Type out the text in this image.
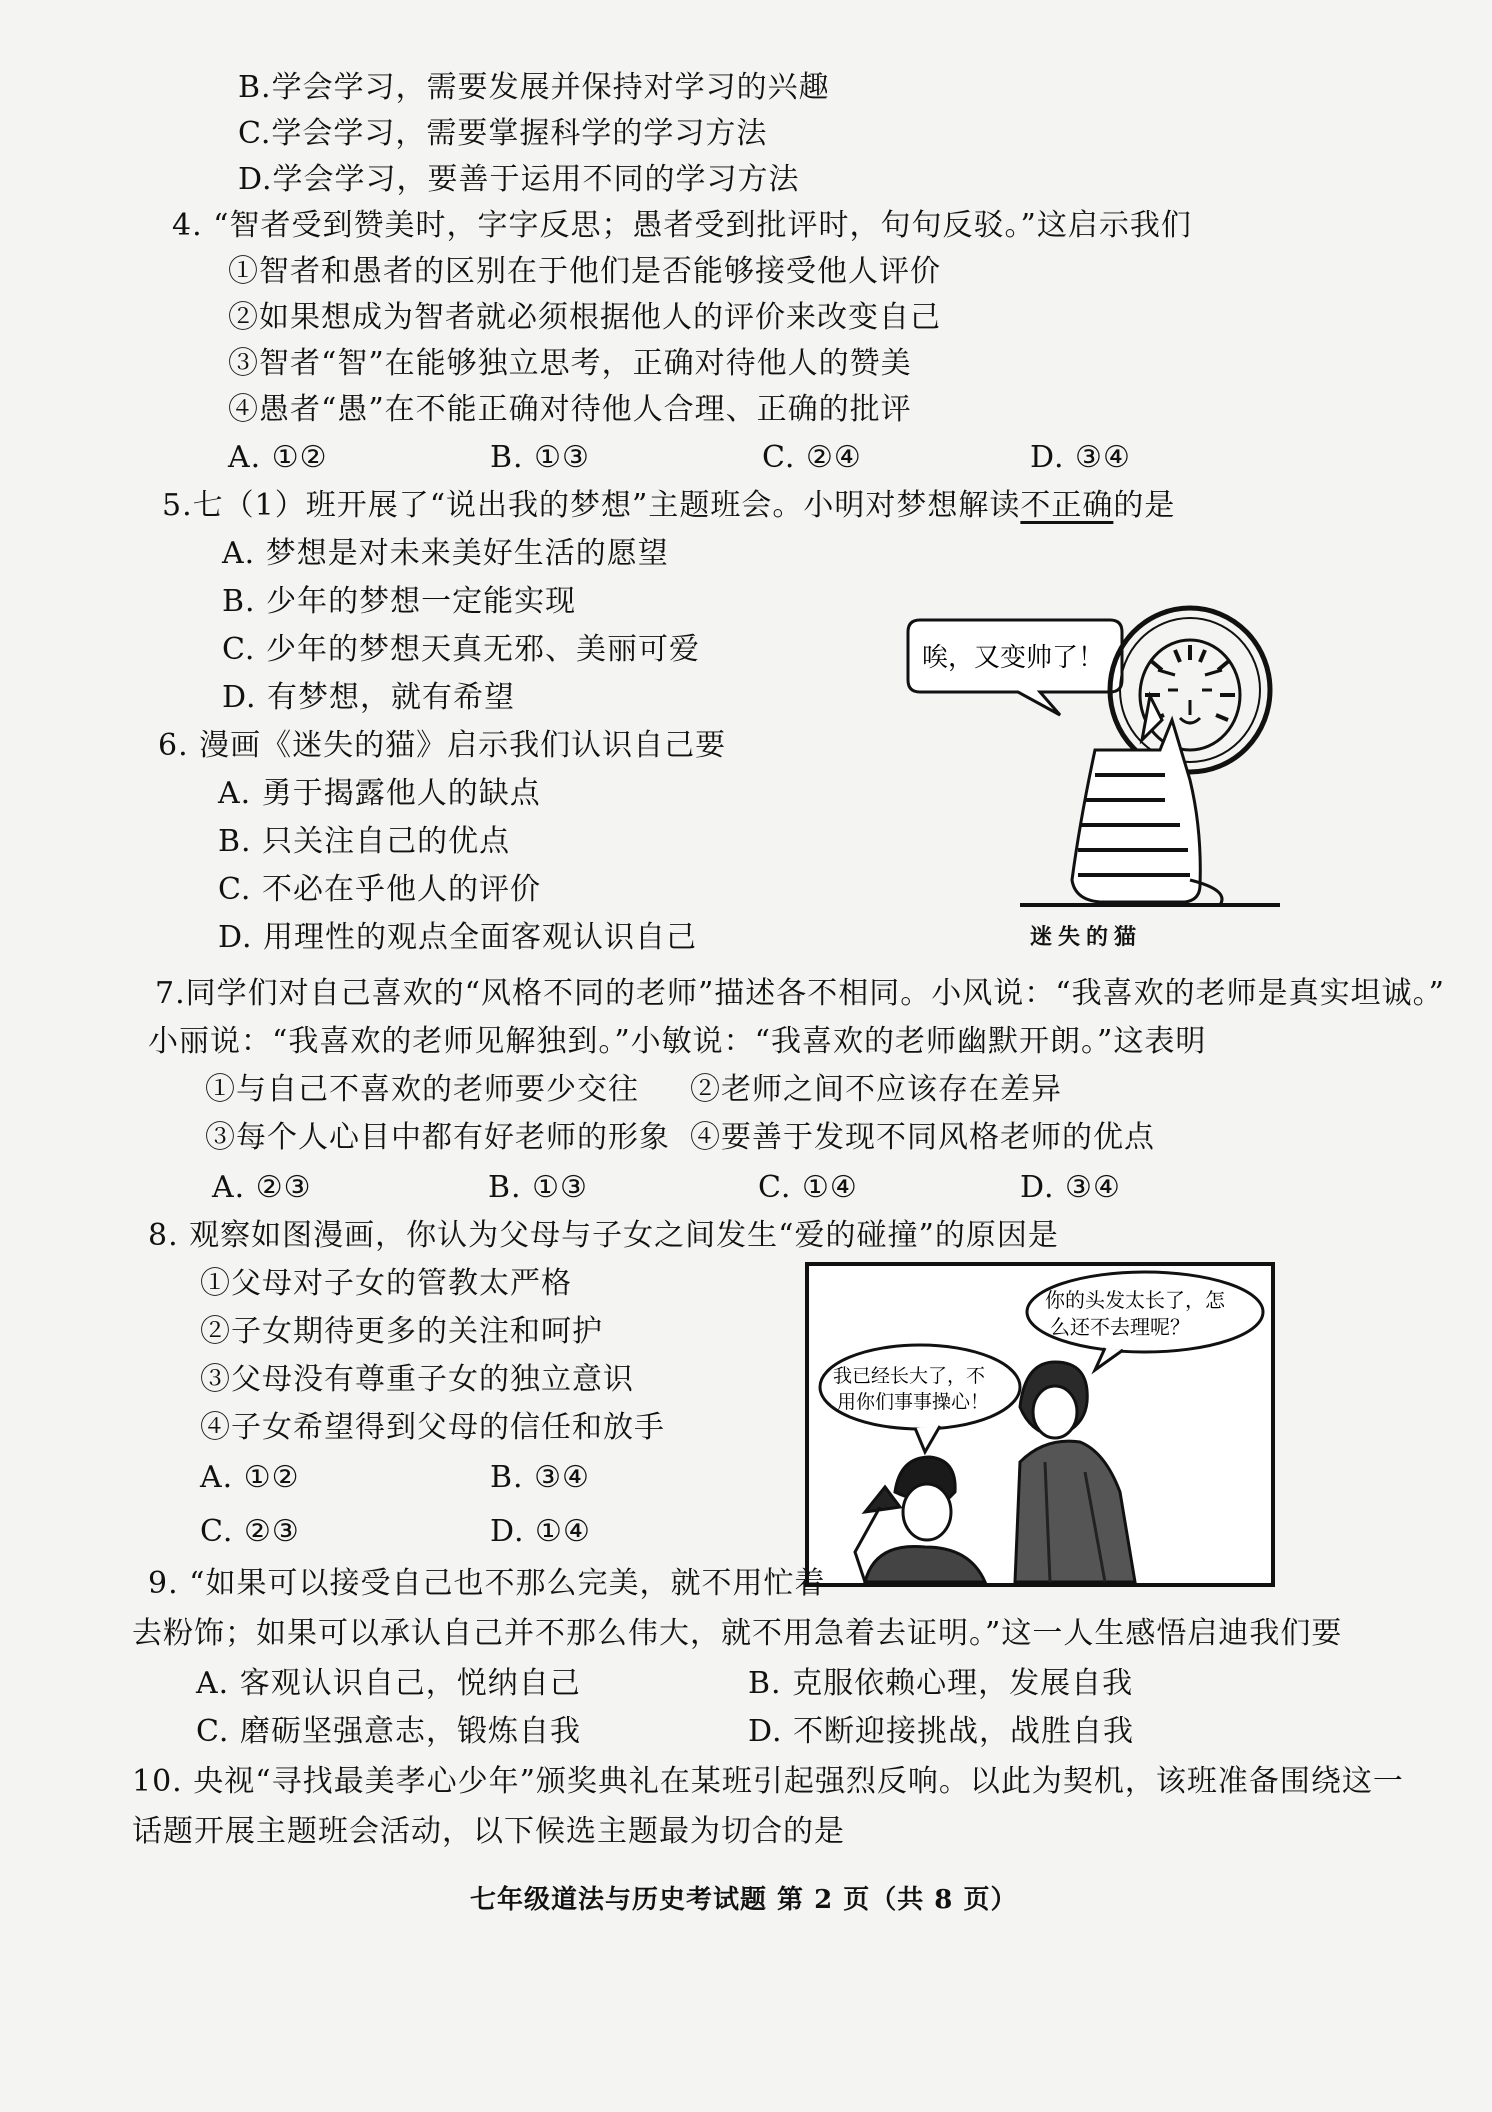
B.学会学习，需要发展并保持对学习的兴趣
C.学会学习，需要掌握科学的学习方法
D.学会学习，要善于运用不同的学习方法
4. “智者受到赞美时，字字反思；愚者受到批评时，句句反驳。”这启示我们
①智者和愚者的区别在于他们是否能够接受他人评价
②如果想成为智者就必须根据他人的评价来改变自己
③智者“智”在能够独立思考，正确对待他人的赞美
④愚者“愚”在不能正确对待他人合理、正确的批评
A. ①②	B. ①③	C. ②④	D. ③④
5.七（1）班开展了“说出我的梦想”主题班会。小明对梦想解读不正确的是
A. 梦想是对未来美好生活的愿望
B. 少年的梦想一定能实现
C. 少年的梦想天真无邪、美丽可爱
D. 有梦想，就有希望
6. 漫画《迷失的猫》启示我们认识自己要
A. 勇于揭露他人的缺点
B. 只关注自己的优点
C. 不必在乎他人的评价
D. 用理性的观点全面客观认识自己
唉，又变帅了！
迷失的猫
7.同学们对自己喜欢的“风格不同的老师”描述各不相同。小风说：“我喜欢的老师是真实坦诚。”
小丽说：“我喜欢的老师见解独到。”小敏说：“我喜欢的老师幽默开朗。”这表明
①与自己不喜欢的老师要少交往 ②老师之间不应该存在差异
③每个人心目中都有好老师的形象 ④要善于发现不同风格老师的优点
A. ②③	B. ①③	C. ①④	D. ③④
8. 观察如图漫画，你认为父母与子女之间发生“爱的碰撞”的原因是
①父母对子女的管教太严格
②子女期待更多的关注和呵护
③父母没有尊重子女的独立意识
④子女希望得到父母的信任和放手
A. ①②	B. ③④
C. ②③	D. ①④
你的头发太长了，怎
么还不去理呢？
我已经长大了，不
用你们事事操心！
9. “如果可以接受自己也不那么完美，就不用忙着
去粉饰；如果可以承认自己并不那么伟大，就不用急着去证明。”这一人生感悟启迪我们要
A. 客观认识自己，悦纳自己	B. 克服依赖心理，发展自我
C. 磨砺坚强意志，锻炼自我	D. 不断迎接挑战，战胜自我
10. 央视“寻找最美孝心少年”颁奖典礼在某班引起强烈反响。以此为契机，该班准备围绕这一
话题开展主题班会活动，以下候选主题最为切合的是
七年级道法与历史考试题 第 2 页（共 8 页）
